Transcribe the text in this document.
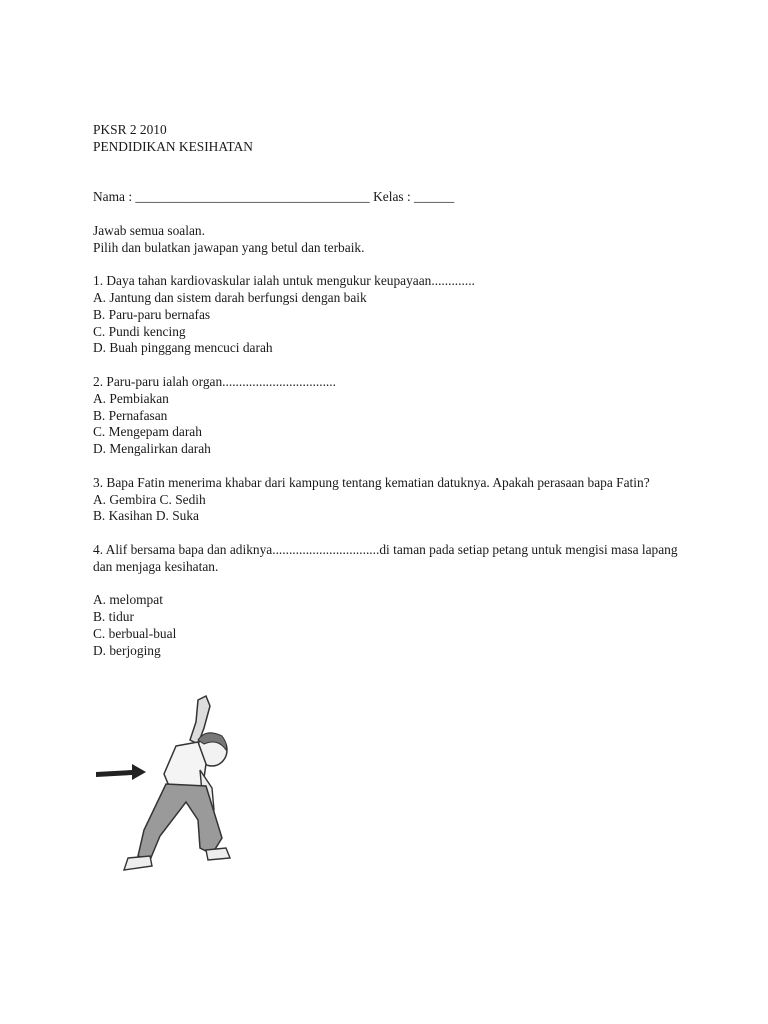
PKSR 2 2010
PENDIDIKAN KESIHATAN
Nama : ___________________________________ Kelas : ______
Jawab semua soalan.
Pilih dan bulatkan jawapan yang betul dan terbaik.
1. Daya tahan kardiovaskular ialah untuk mengukur keupayaan.............
A. Jantung dan sistem darah berfungsi dengan baik
B. Paru-paru bernafas
C. Pundi kencing
D. Buah pinggang mencuci darah
2. Paru-paru ialah organ..................................
A. Pembiakan
B. Pernafasan
C. Mengepam darah
D. Mengalirkan darah
3. Bapa Fatin menerima khabar dari kampung tentang kematian datuknya. Apakah perasaan bapa Fatin?
A. Gembira C. Sedih
B. Kasihan D. Suka
4. Alif bersama bapa dan adiknya................................di taman pada setiap petang untuk mengisi masa lapang dan menjaga kesihatan.
A. melompat
B. tidur
C. berbual-bual
D. berjoging
